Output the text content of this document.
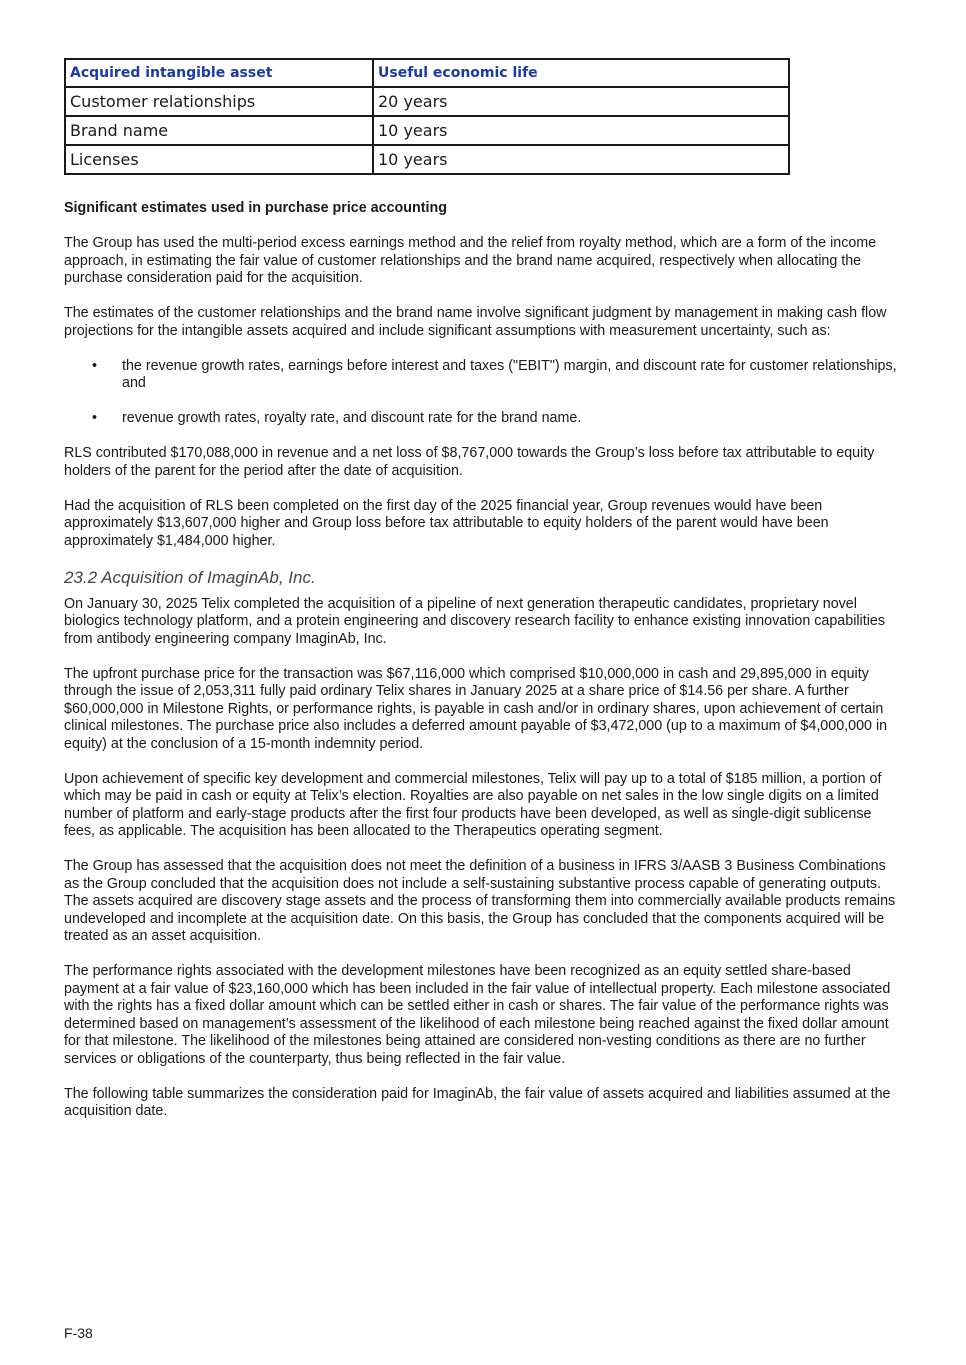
Acquired intangible asset	Useful economic life
Customer relationships	20 years
Brand name	10 years
Licenses	10 years
Significant estimates used in purchase price accounting

The Group has used the multi-period excess earnings method and the relief from royalty method, which are a form of the income approach, in estimating the fair value of customer relationships and the brand name acquired, respectively when allocating the purchase consideration paid for the acquisition.

The estimates of the customer relationships and the brand name involve significant judgment by management in making cash flow projections for the intangible assets acquired and include significant assumptions with measurement uncertainty, such as:

• the revenue growth rates, earnings before interest and taxes ("EBIT") margin, and discount rate for customer relationships, and
• revenue growth rates, royalty rate, and discount rate for the brand name.

RLS contributed $170,088,000 in revenue and a net loss of $8,767,000 towards the Group’s loss before tax attributable to equity holders of the parent for the period after the date of acquisition.

Had the acquisition of RLS been completed on the first day of the 2025 financial year, Group revenues would have been approximately $13,607,000 higher and Group loss before tax attributable to equity holders of the parent would have been approximately $1,484,000 higher.

23.2 Acquisition of ImaginAb, Inc.

On January 30, 2025 Telix completed the acquisition of a pipeline of next generation therapeutic candidates, proprietary novel biologics technology platform, and a protein engineering and discovery research facility to enhance existing innovation capabilities from antibody engineering company ImaginAb, Inc.

The upfront purchase price for the transaction was $67,116,000 which comprised $10,000,000 in cash and 29,895,000 in equity through the issue of 2,053,311 fully paid ordinary Telix shares in January 2025 at a share price of $14.56 per share. A further $60,000,000 in Milestone Rights, or performance rights, is payable in cash and/or in ordinary shares, upon achievement of certain clinical milestones. The purchase price also includes a deferred amount payable of $3,472,000 (up to a maximum of $4,000,000 in equity) at the conclusion of a 15-month indemnity period.

Upon achievement of specific key development and commercial milestones, Telix will pay up to a total of $185 million, a portion of which may be paid in cash or equity at Telix’s election. Royalties are also payable on net sales in the low single digits on a limited number of platform and early-stage products after the first four products have been developed, as well as single-digit sublicense fees, as applicable. The acquisition has been allocated to the Therapeutics operating segment.

The Group has assessed that the acquisition does not meet the definition of a business in IFRS 3/AASB 3 Business Combinations as the Group concluded that the acquisition does not include a self-sustaining substantive process capable of generating outputs. The assets acquired are discovery stage assets and the process of transforming them into commercially available products remains undeveloped and incomplete at the acquisition date. On this basis, the Group has concluded that the components acquired will be treated as an asset acquisition.

The performance rights associated with the development milestones have been recognized as an equity settled share-based payment at a fair value of $23,160,000 which has been included in the fair value of intellectual property. Each milestone associated with the rights has a fixed dollar amount which can be settled either in cash or shares. The fair value of the performance rights was determined based on management’s assessment of the likelihood of each milestone being reached against the fixed dollar amount for that milestone. The likelihood of the milestones being attained are considered non-vesting conditions as there are no further services or obligations of the counterparty, thus being reflected in the fair value.

The following table summarizes the consideration paid for ImaginAb, the fair value of assets acquired and liabilities assumed at the acquisition date.

F-38
